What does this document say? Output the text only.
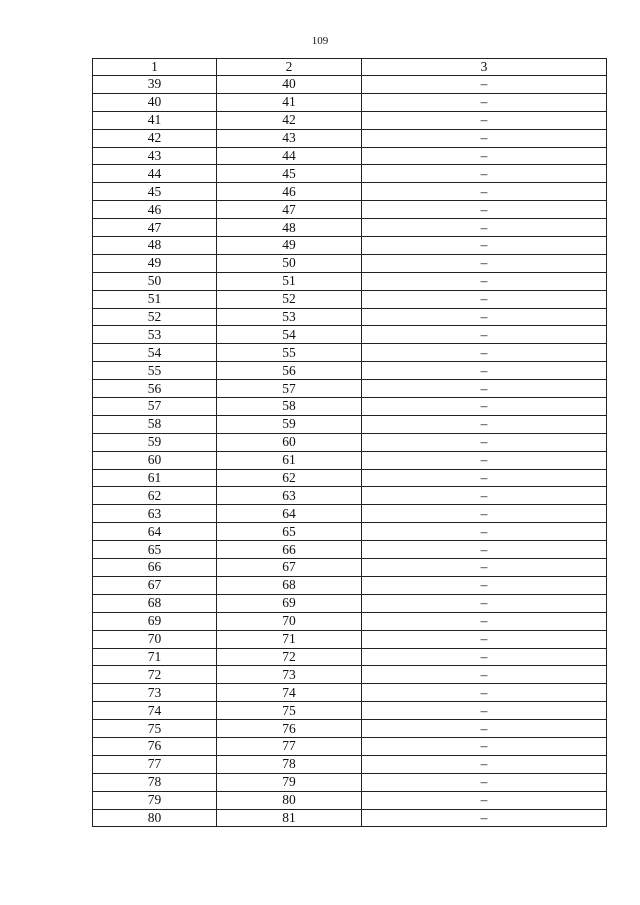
109
1	2	3
39	40	–
40	41	–
41	42	–
42	43	–
43	44	–
44	45	–
45	46	–
46	47	–
47	48	–
48	49	–
49	50	–
50	51	–
51	52	–
52	53	–
53	54	–
54	55	–
55	56	–
56	57	–
57	58	–
58	59	–
59	60	–
60	61	–
61	62	–
62	63	–
63	64	–
64	65	–
65	66	–
66	67	–
67	68	–
68	69	–
69	70	–
70	71	–
71	72	–
72	73	–
73	74	–
74	75	–
75	76	–
76	77	–
77	78	–
78	79	–
79	80	–
80	81	–
